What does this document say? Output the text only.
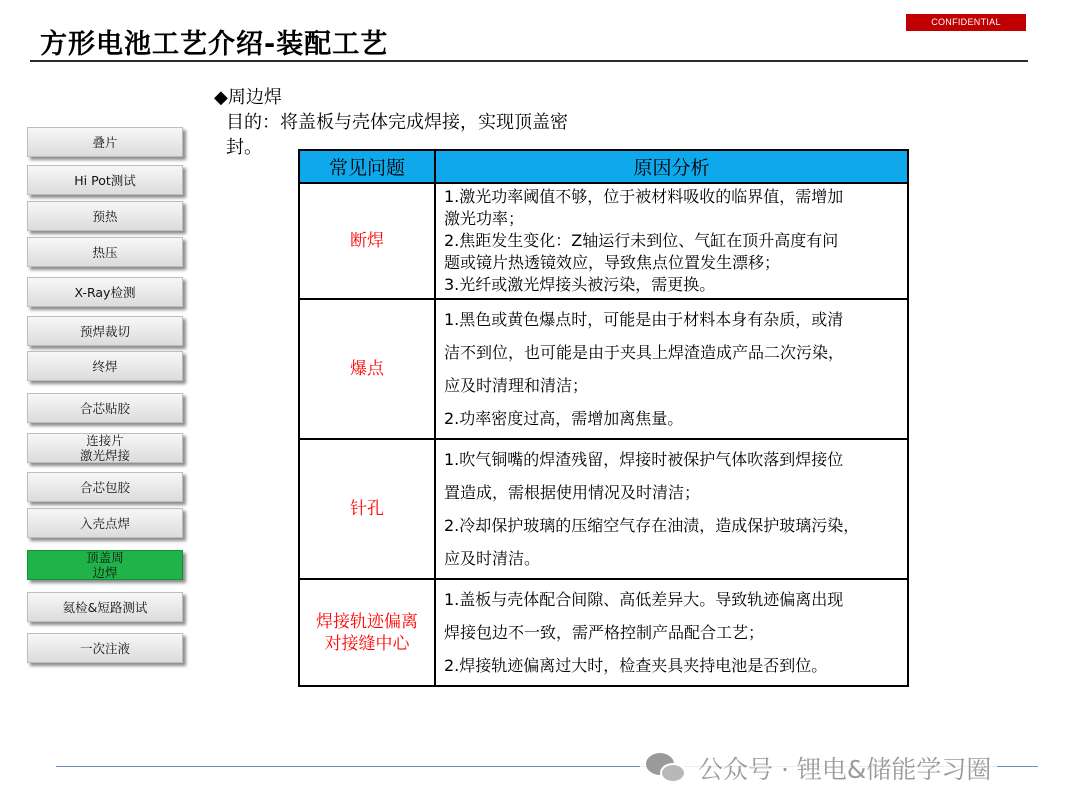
方形电池工艺介绍-装配工艺
CONFIDENTIAL
叠片
Hi Pot测试
预热
热压
X-Ray检测
预焊裁切
终焊
合芯贴胶
连接片
激光焊接
合芯包胶
入壳点焊
顶盖周
边焊
氦检&短路测试
一次注液
◆周边焊
目的：将盖板与壳体完成焊接，实现顶盖密
封。
常见问题	原因分析
断焊	1.激光功率阈值不够，位于被材料吸收的临界值，需增加
激光功率；
2.焦距发生变化：Z轴运行未到位、气缸在顶升高度有问
题或镜片热透镜效应，导致焦点位置发生漂移；
3.光纤或激光焊接头被污染，需更换。

爆点	1.黑色或黄色爆点时，可能是由于材料本身有杂质，或清
洁不到位，也可能是由于夹具上焊渣造成产品二次污染，
应及时清理和清洁；
2.功率密度过高，需增加离焦量。

针孔	1.吹气铜嘴的焊渣残留，焊接时被保护气体吹落到焊接位
置造成，需根据使用情况及时清洁；
2.冷却保护玻璃的压缩空气存在油渍，造成保护玻璃污染，
应及时清洁。

焊接轨迹偏离
对接缝中心	1.盖板与壳体配合间隙、高低差异大。导致轨迹偏离出现
焊接包边不一致，需严格控制产品配合工艺；
2.焊接轨迹偏离过大时，检查夹具夹持电池是否到位。
公众号 · 锂电&储能学习圈
